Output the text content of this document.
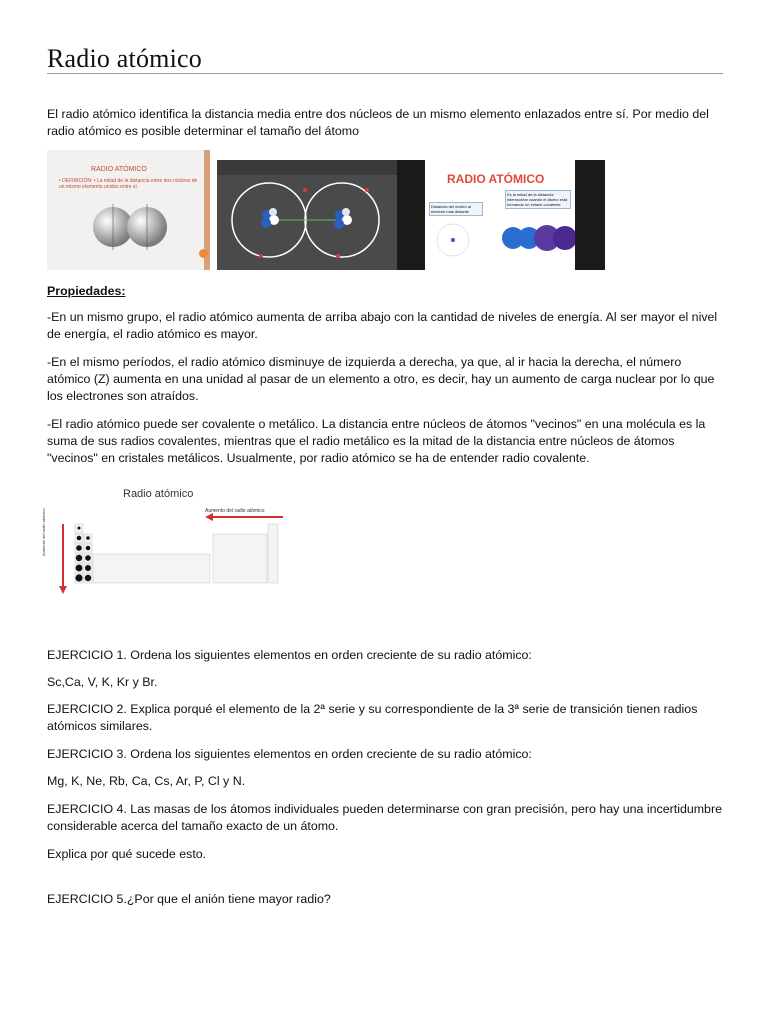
Radio atómico

El radio atómico identifica la distancia media entre dos núcleos de un mismo elemento enlazados entre sí. Por medio del radio atómico es posible determinar el tamaño del átomo

RADIO ATÓMICO
• DEFINICIÓN: • La mitad de la distancia entre dos núcleos de un mismo elemento unidos entre sí.
RADIO ATÓMICO
Distancia del núcleo al electrón más distante
Es la mitad de la distancia internuclear cuando el átomo está formando un enlace covalente

Propiedades:

-En un mismo grupo, el radio atómico aumenta de arriba abajo con la cantidad de niveles de energía. Al ser mayor el nivel de energía, el radio atómico es mayor.

-En el mismo períodos, el radio atómico disminuye de izquierda a derecha, ya que, al ir hacia la derecha, el número atómico (Z) aumenta en una unidad al pasar de un elemento a otro, es decir, hay un aumento de carga nuclear por lo que los electrones son atraídos.

-El radio atómico puede ser covalente o metálico. La distancia entre núcleos de átomos "vecinos" en una molécula es la suma de sus radios covalentes, mientras que el radio metálico es la mitad de la distancia entre núcleos de átomos "vecinos" en cristales metálicos. Usualmente, por radio atómico se ha de entender radio covalente.

Radio atómico
Aumento del radio atómico
Aumento del radio atómico

EJERCICIO 1. Ordena los siguientes elementos en orden creciente de su radio atómico:

Sc,Ca, V, K, Kr y Br.

EJERCICIO 2. Explica porqué el elemento de la 2ª serie y su correspondiente de la 3ª serie de transición tienen radios atómicos similares.

EJERCICIO 3. Ordena los siguientes elementos en orden creciente de su radio atómico:

Mg, K, Ne, Rb, Ca, Cs, Ar, P, Cl y N.

EJERCICIO 4. Las masas de los átomos individuales pueden determinarse con gran precisión, pero hay una incertidumbre considerable acerca del tamaño exacto de un átomo.

Explica por qué sucede esto.

EJERCICIO 5.¿Por que el anión tiene mayor radio?
